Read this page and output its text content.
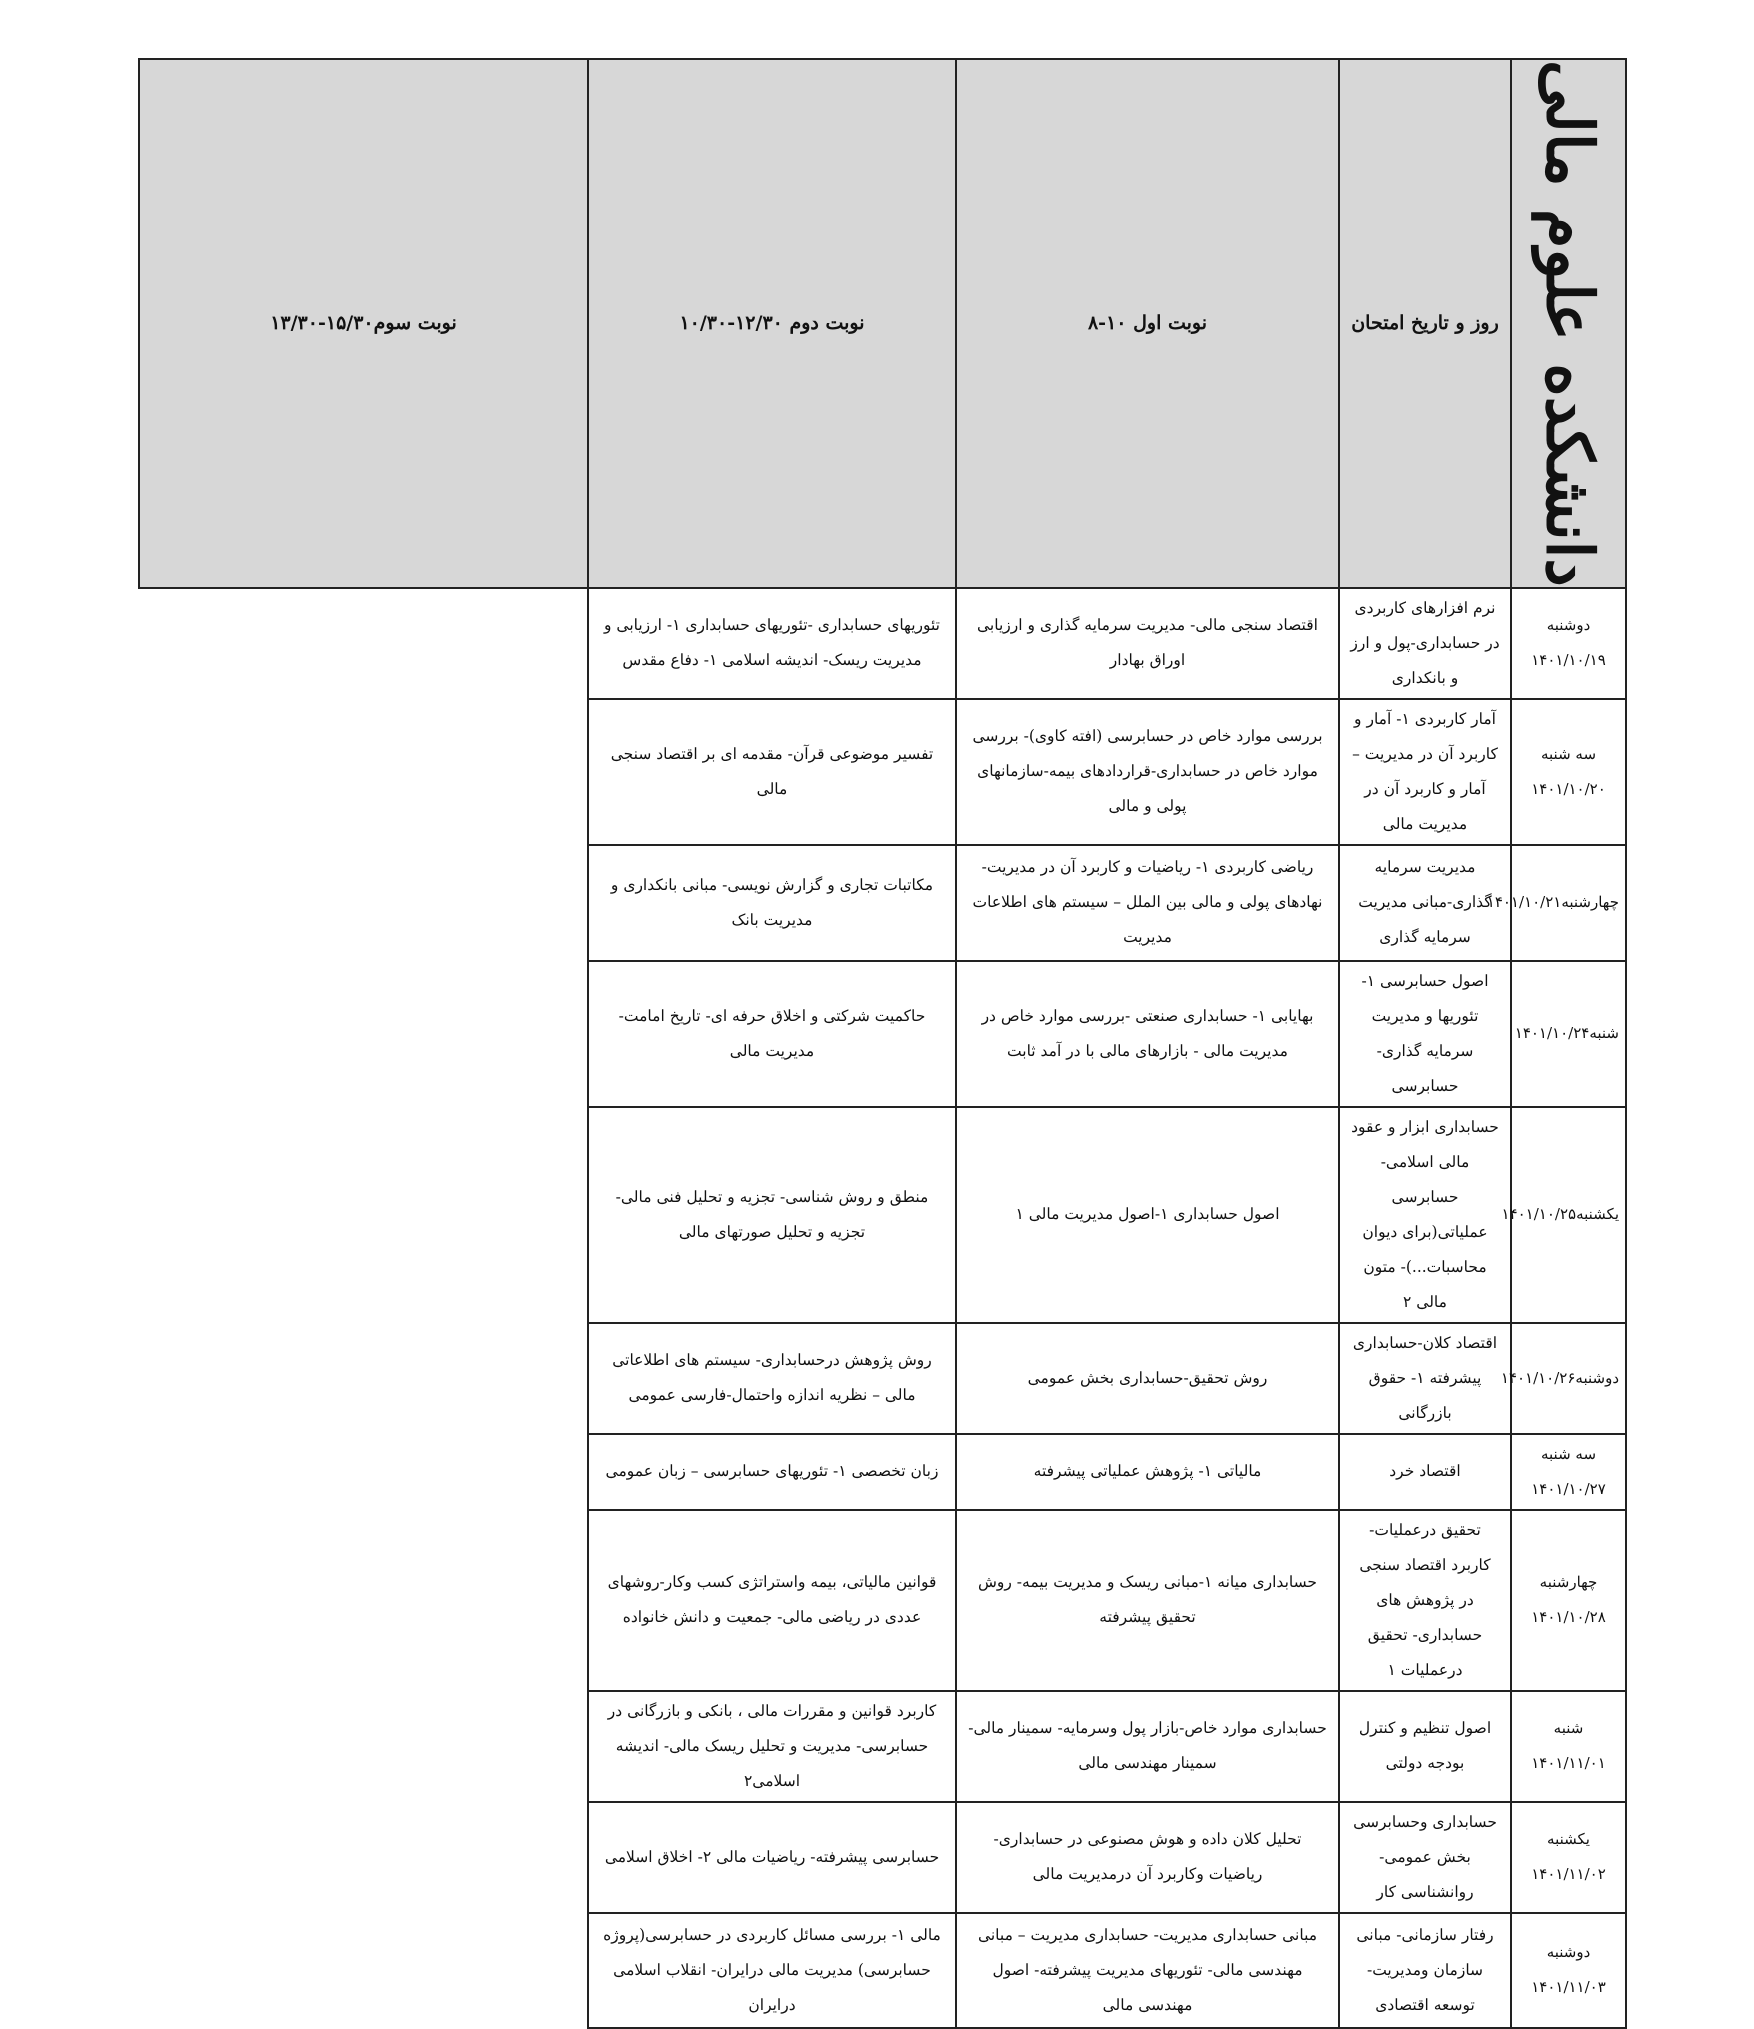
دانشکده علوم مالی	روز و تاریخ امتحان	نوبت اول ۱۰-۸	نوبت دوم ۱۲/۳۰-۱۰/۳۰	نوبت سوم۱۵/۳۰-۱۳/۳۰
دوشنبه ۱۴۰۱/۱۰/۱۹	نرم افزارهای کاربردی در حسابداری-پول و ارز و بانکداری	اقتصاد سنجی مالی- مدیریت سرمایه گذاری و ارزیابی اوراق بهادار	تئوریهای حسابداری -تئوریهای حسابداری ۱- ارزیابی و مدیریت ریسک- اندیشه اسلامی ۱- دفاع مقدس	
سه شنبه ۱۴۰۱/۱۰/۲۰	آمار کاربردی ۱- آمار و کاربرد آن در مدیریت – آمار و کاربرد آن در مدیریت مالی	بررسی موارد خاص در حسابرسی (افته کاوی)- بررسی موارد خاص در حسابداری-قراردادهای بیمه-سازمانهای پولی و مالی	تفسیر موضوعی قرآن- مقدمه ای بر اقتصاد سنجی مالی	
چهارشنبه۱۴۰۱/۱۰/۲۱	مدیریت سرمایه گذاری-مبانی مدیریت سرمایه گذاری	ریاضی کاربردی ۱- ریاضیات و کاربرد آن در مدیریت- نهادهای پولی و مالی بین الملل – سیستم های اطلاعات مدیریت	مکاتبات تجاری و گزارش نویسی- مبانی بانکداری و مدیریت بانک	
شنبه۱۴۰۱/۱۰/۲۴	اصول حسابرسی ۱- تئوریها و مدیریت سرمایه گذاری-حسابرسی	بهایابی ۱- حسابداری صنعتی -بررسی موارد خاص در مدیریت مالی - بازارهای مالی با در آمد ثابت	حاکمیت شرکتی و اخلاق حرفه ای- تاریخ امامت- مدیریت مالی	
یکشنبه۱۴۰۱/۱۰/۲۵	حسابداری ابزار و عقود مالی اسلامی- حسابرسی عملیاتی(برای دیوان محاسبات...)- متون مالی ۲	اصول حسابداری ۱-اصول مدیریت مالی ۱	منطق و روش شناسی- تجزیه و تحلیل فنی مالی- تجزیه و تحلیل صورتهای مالی	
دوشنبه۱۴۰۱/۱۰/۲۶	اقتصاد کلان-حسابداری پیشرفته ۱- حقوق بازرگانی	روش تحقیق-حسابداری بخش عمومی	روش پژوهش درحسابداری- سیستم های اطلاعاتی مالی – نظریه اندازه واحتمال-فارسی عمومی	
سه شنبه ۱۴۰۱/۱۰/۲۷	اقتصاد خرد	مالیاتی ۱- پژوهش عملیاتی پیشرفته	زبان تخصصی ۱- تئوریهای حسابرسی – زبان عمومی	
چهارشنبه ۱۴۰۱/۱۰/۲۸	تحقیق درعملیات- کاربرد اقتصاد سنجی در پژوهش های حسابداری- تحقیق درعملیات ۱	حسابداری میانه ۱-مبانی ریسک و مدیریت بیمه- روش تحقیق پیشرفته	قوانین مالیاتی، بیمه واستراتژی کسب وکار-روشهای عددی در ریاضی مالی- جمعیت و دانش خانواده	
شنبه ۱۴۰۱/۱۱/۰۱	اصول تنظیم و کنترل بودجه دولتی	حسابداری موارد خاص-بازار پول وسرمایه- سمینار مالی-سمینار مهندسی مالی	کاربرد قوانین و مقررات مالی ، بانکی و بازرگانی در حسابرسی- مدیریت و تحلیل ریسک مالی- اندیشه اسلامی۲	
یکشنبه ۱۴۰۱/۱۱/۰۲	حسابداری وحسابرسی بخش عمومی- روانشناسی کار	تحلیل کلان داده و هوش مصنوعی در حسابداری- ریاضیات وکاربرد آن درمدیریت مالی	حسابرسی پیشرفته- ریاضیات مالی ۲- اخلاق اسلامی	
دوشنبه ۱۴۰۱/۱۱/۰۳	رفتار سازمانی- مبانی سازمان ومدیریت- توسعه اقتصادی	مبانی حسابداری مدیریت- حسابداری مدیریت – مبانی مهندسی مالی- تئوریهای مدیریت پیشرفته- اصول مهندسی مالی	مالی ۱- بررسی مسائل کاربردی در حسابرسی(پروژه حسابرسی) مدیریت مالی درایران- انقلاب اسلامی درایران	
